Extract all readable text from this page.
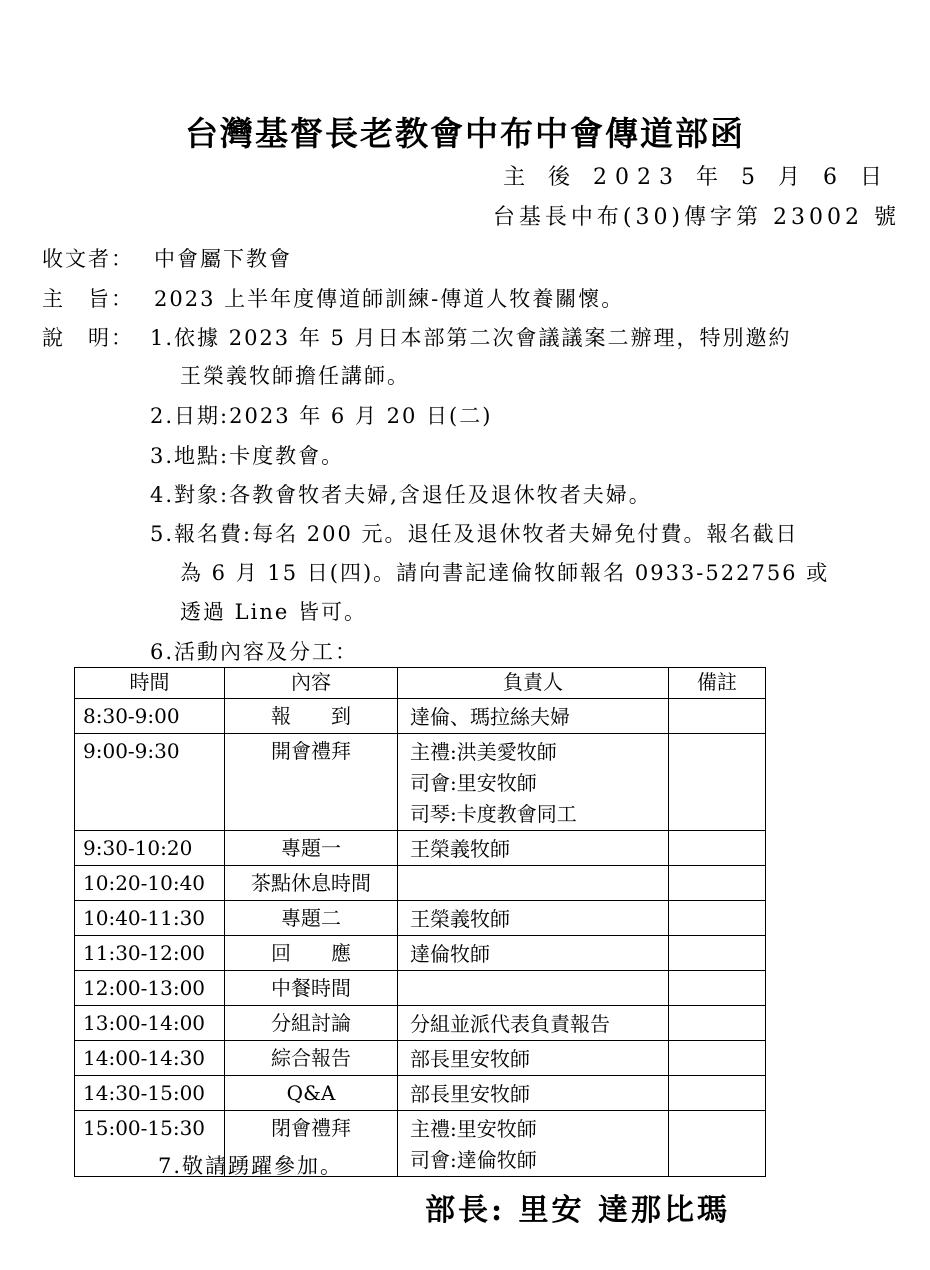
台灣基督長老教會中布中會傳道部函
主 後 2023 年 5 月 6 日
台基長中布(30)傳字第 23002 號
收文者： 中會屬下教會
主　旨： 2023 上半年度傳道師訓練-傳道人牧養關懷。
說　明： 1.依據 2023 年 5 月日本部第二次會議議案二辦理，特別邀約
王榮義牧師擔任講師。
2.日期:2023 年 6 月 20 日(二)
3.地點:卡度教會。
4.對象:各教會牧者夫婦,含退任及退休牧者夫婦。
5.報名費:每名 200 元。退任及退休牧者夫婦免付費。報名截日
為 6 月 15 日(四)。請向書記達倫牧師報名 0933-522756 或
透過 Line 皆可。
6.活動內容及分工：
時間	內容	負責人	備註
8:30-9:00	報　　到	達倫、瑪拉絲夫婦	

9:00-9:30	開會禮拜	主禮:洪美愛牧師
司會:里安牧師
司琴:卡度教會同工	

9:30-10:20	專題一	王榮義牧師	

10:20-10:40	茶點休息時間	

10:40-11:30	專題二	王榮義牧師	

11:30-12:00	回　　應	達倫牧師	

12:00-13:00	中餐時間	

13:00-14:00	分組討論	分組並派代表負責報告	

14:00-14:30	綜合報告	部長里安牧師	

14:30-15:00	Q&A	部長里安牧師	

15:00-15:30	閉會禮拜	主禮:里安牧師
司會:達倫牧師	

7.敬請踴躍參加。
部長: 里安 達那比瑪
